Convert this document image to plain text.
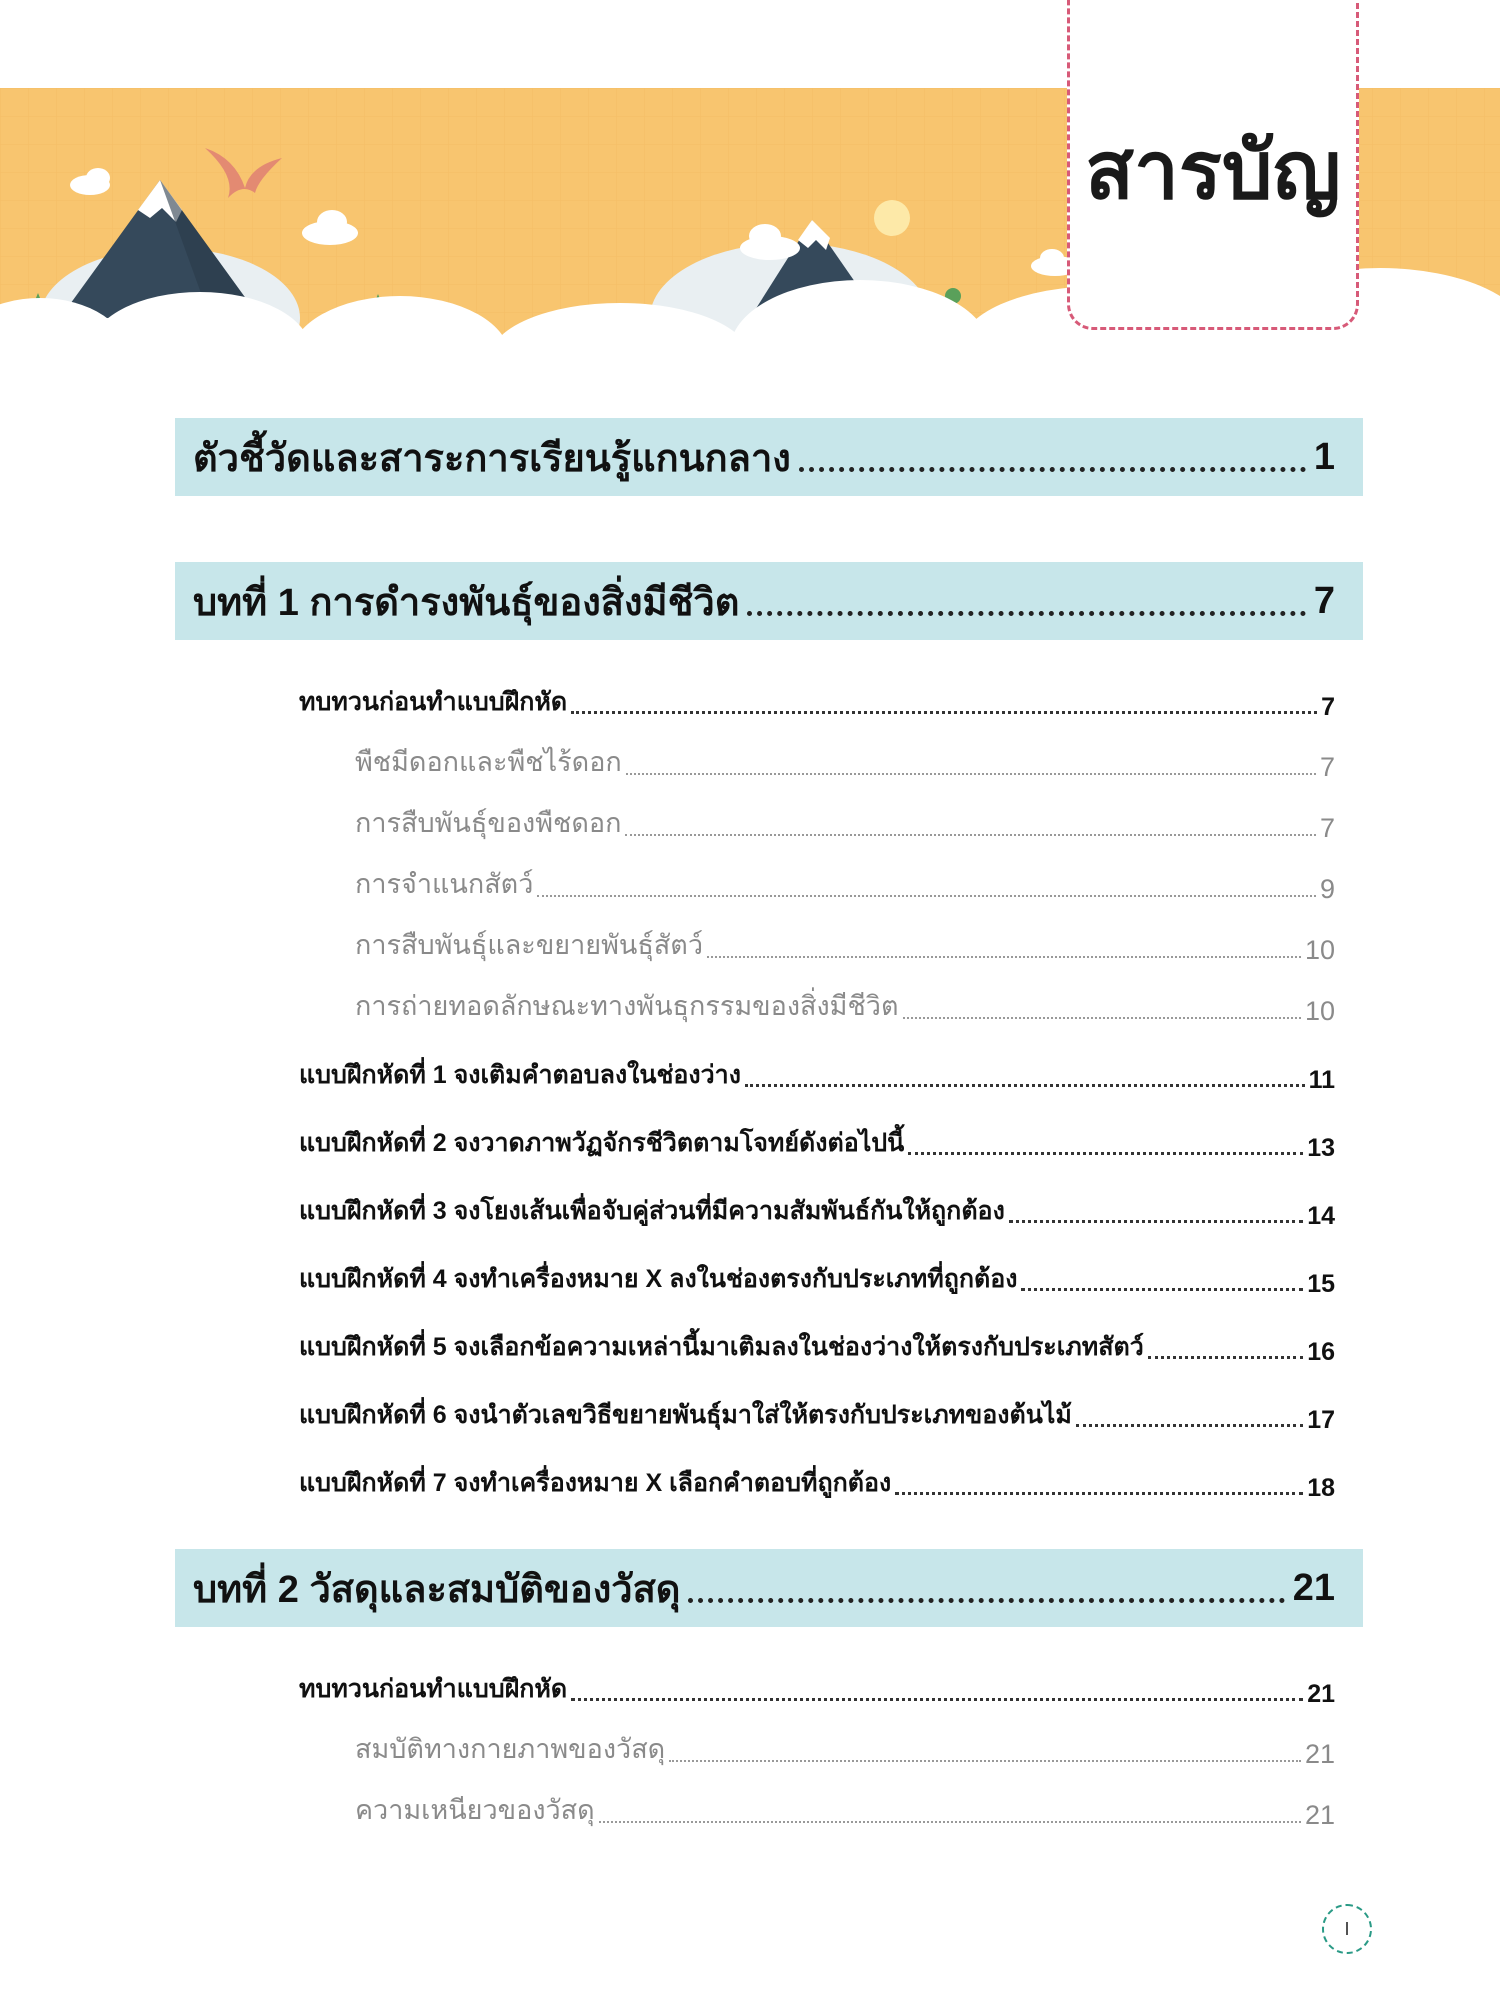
สารบัญ
ตัวชี้วัดและสาระการเรียนรู้แกนกลาง	1
บทที่ 1 การดำรงพันธุ์ของสิ่งมีชีวิต	7
ทบทวนก่อนทำแบบฝึกหัด	7
พืชมีดอกและพืชไร้ดอก	7
การสืบพันธุ์ของพืชดอก	7
การจำแนกสัตว์	9
การสืบพันธุ์และขยายพันธุ์สัตว์	10
การถ่ายทอดลักษณะทางพันธุกรรมของสิ่งมีชีวิต	10
แบบฝึกหัดที่ 1 จงเติมคำตอบลงในช่องว่าง	11
แบบฝึกหัดที่ 2 จงวาดภาพวัฏจักรชีวิตตามโจทย์ดังต่อไปนี้	13
แบบฝึกหัดที่ 3 จงโยงเส้นเพื่อจับคู่ส่วนที่มีความสัมพันธ์กันให้ถูกต้อง	14
แบบฝึกหัดที่ 4 จงทำเครื่องหมาย X ลงในช่องตรงกับประเภทที่ถูกต้อง	15
แบบฝึกหัดที่ 5 จงเลือกข้อความเหล่านี้มาเติมลงในช่องว่างให้ตรงกับประเภทสัตว์	16
แบบฝึกหัดที่ 6 จงนำตัวเลขวิธีขยายพันธุ์มาใส่ให้ตรงกับประเภทของต้นไม้	17
แบบฝึกหัดที่ 7 จงทำเครื่องหมาย X เลือกคำตอบที่ถูกต้อง	18
บทที่ 2 วัสดุและสมบัติของวัสดุ	21
ทบทวนก่อนทำแบบฝึกหัด	21
สมบัติทางกายภาพของวัสดุ	21
ความเหนียวของวัสดุ	21
I
